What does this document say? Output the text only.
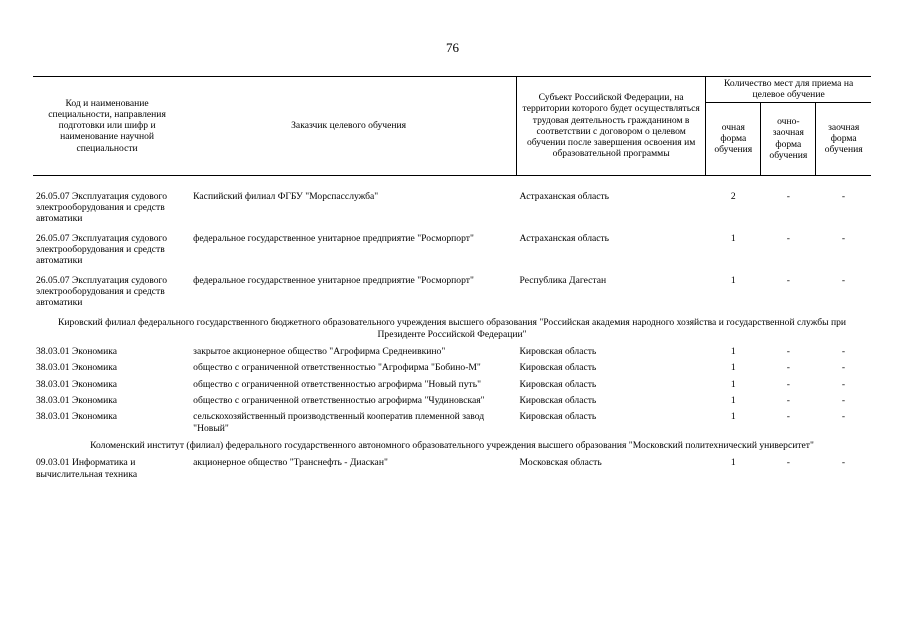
76
Код и наименование специальности, направления подготовки или шифр и наименование научной специальности	Заказчик целевого обучения	Субъект Российской Федерации, на территории которого будет осуществляться трудовая деятельность гражданином в соответствии с договором о целевом обучении после завершения освоения им образовательной программы	Количество мест для приема на целевое обучение		
			очная форма обучения	очно-заочная форма обучения	заочная форма обучения

26.05.07 Эксплуатация судового электрооборудования и средств автоматики	Каспийский филиал ФГБУ "Морспасслужба"	Астраханская область	2	-	-
26.05.07 Эксплуатация судового электрооборудования и средств автоматики	федеральное государственное унитарное предприятие "Росморпорт"	Астраханская область	1	-	-
26.05.07 Эксплуатация судового электрооборудования и средств автоматики	федеральное государственное унитарное предприятие "Росморпорт"	Республика Дагестан	1	-	-
Кировский филиал федерального государственного бюджетного образовательного учреждения высшего образования "Российская академия народного хозяйства и государственной службы при Президенте Российской Федерации"					
38.03.01 Экономика	закрытое акционерное общество "Агрофирма Среднеивкино"	Кировская область	1	-	-
38.03.01 Экономика	общество с ограниченной ответственностью "Агрофирма "Бобино-М"	Кировская область	1	-	-
38.03.01 Экономика	общество с ограниченной ответственностью агрофирма "Новый путь"	Кировская область	1	-	-
38.03.01 Экономика	общество с ограниченной ответственностью агрофирма "Чудиновская"	Кировская область	1	-	-
38.03.01 Экономика	сельскохозяйственный производственный кооператив племенной завод "Новый"	Кировская область	1	-	-
Коломенский институт (филиал) федерального государственного автономного образовательного учреждения высшего образования "Московский политехнический университет"					
09.03.01 Информатика и вычислительная техника	акционерное общество "Транснефть - Диаскан"	Московская область	1	-	-
